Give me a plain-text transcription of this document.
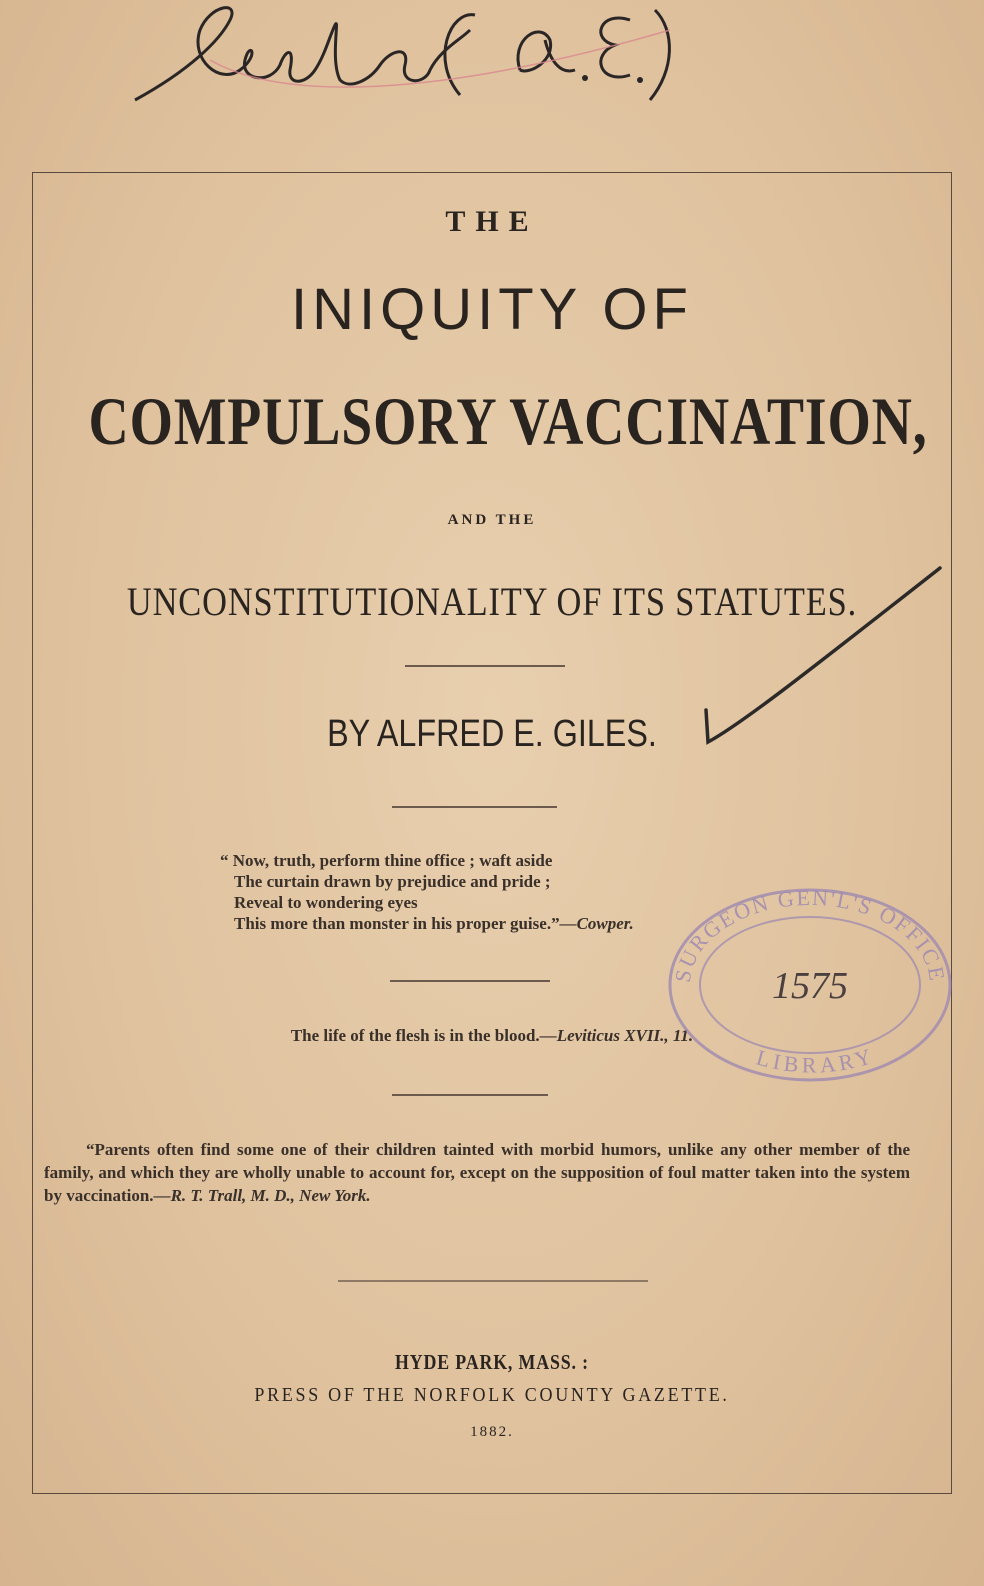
Giles (A.E.)
THE
INIQUITY OF
COMPULSORY VACCINATION,
AND THE
UNCONSTITUTIONALITY OF ITS STATUTES.
BY ALFRED E. GILES.
“ Now, truth, perform thine office ; waft aside
The curtain drawn by prejudice and pride ;
Reveal to wondering eyes
This more than monster in his proper guise.”—Cowper.
The life of the flesh is in the blood.—Leviticus XVII., 11.
“Parents often find some one of their children tainted with morbid humors, unlike any other member of the family, and which they are wholly unable to account for, except on the supposition of foul matter taken into the system by vaccination.—R. T. Trall, M. D., New York.
HYDE PARK, MASS. :
PRESS OF THE NORFOLK COUNTY GAZETTE.
1882.
SURGEON GEN'L'S OFFICE
LIBRARY
1575
